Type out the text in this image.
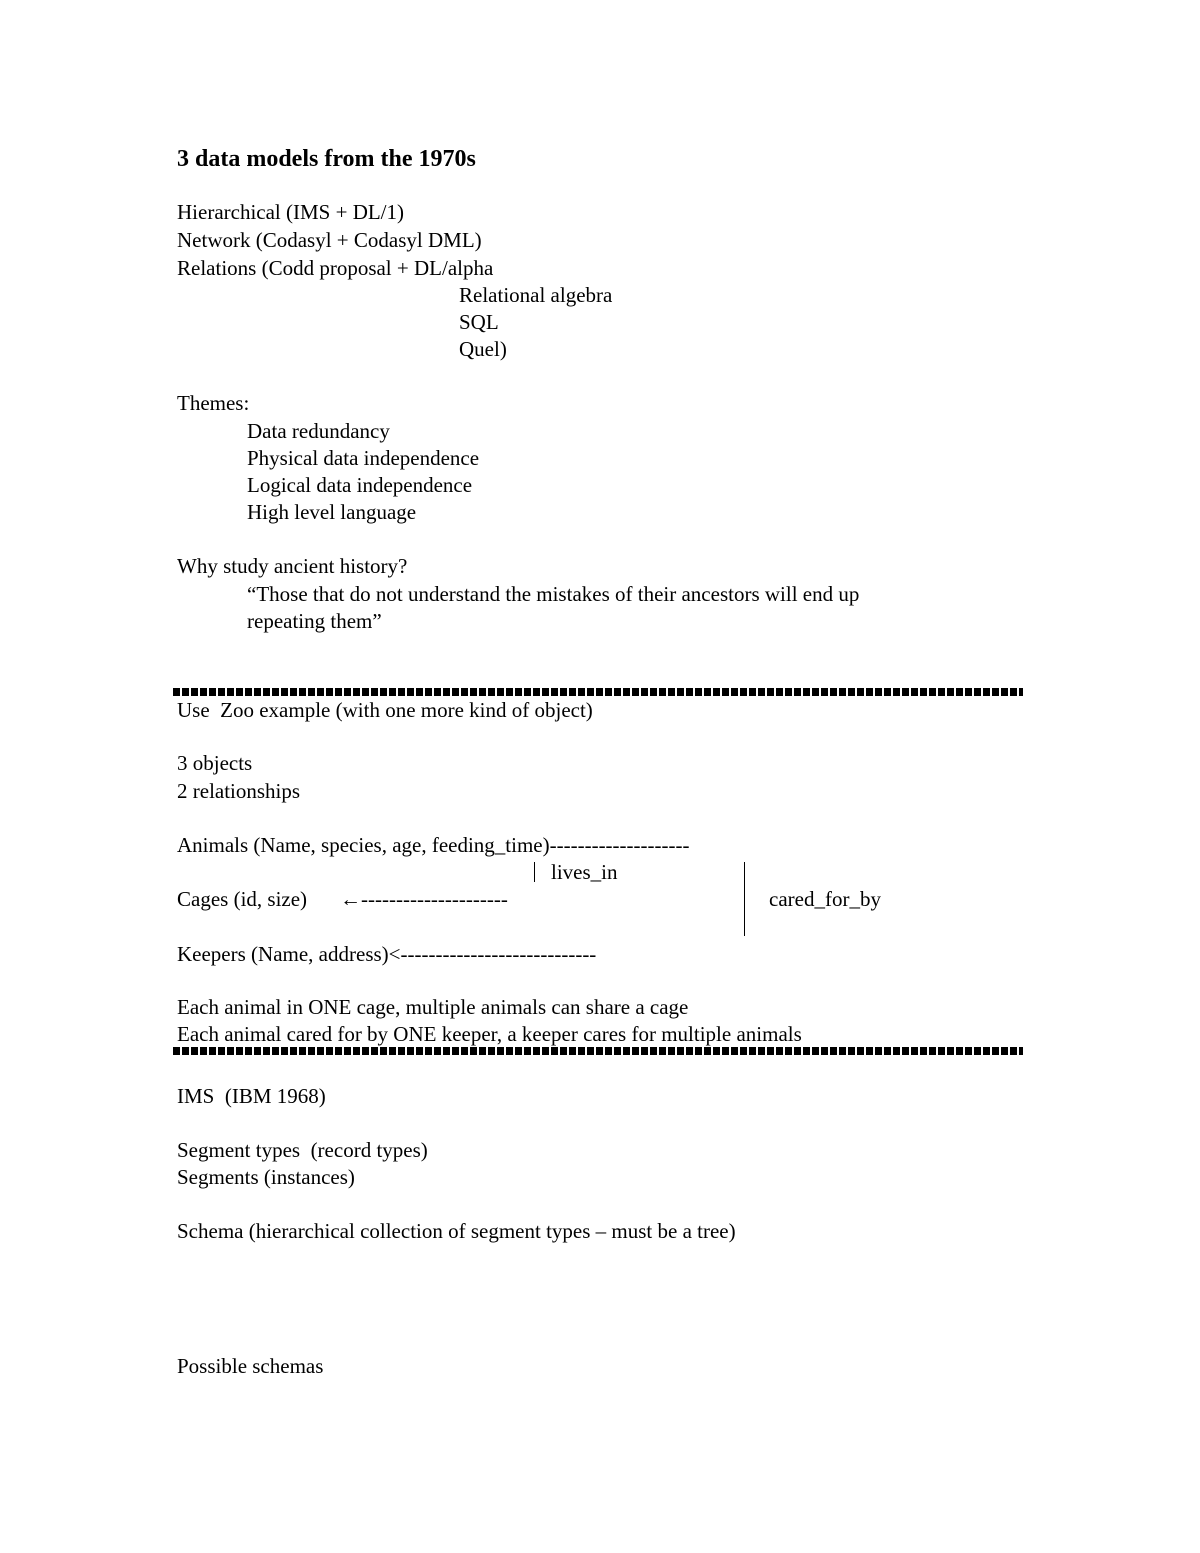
3 data models from the 1970s
Hierarchical (IMS + DL/1)
Network (Codasyl + Codasyl DML)
Relations (Codd proposal + DL/alpha
Relational algebra
SQL
Quel)
Themes:
Data redundancy
Physical data independence
Logical data independence
High level language
Why study ancient history?
“Those that do not understand the mistakes of their ancestors will end up
repeating them”
Use  Zoo example (with one more kind of object)
3 objects
2 relationships
Animals (Name, species, age, feeding_time)--------------------
lives_in
Cages (id, size) ←---------------------	cared_for_by
Keepers (Name, address)<----------------------------
Each animal in ONE cage, multiple animals can share a cage
Each animal cared for by ONE keeper, a keeper cares for multiple animals
IMS  (IBM 1968)
Segment types  (record types)
Segments (instances)
Schema (hierarchical collection of segment types – must be a tree)
Possible schemas
